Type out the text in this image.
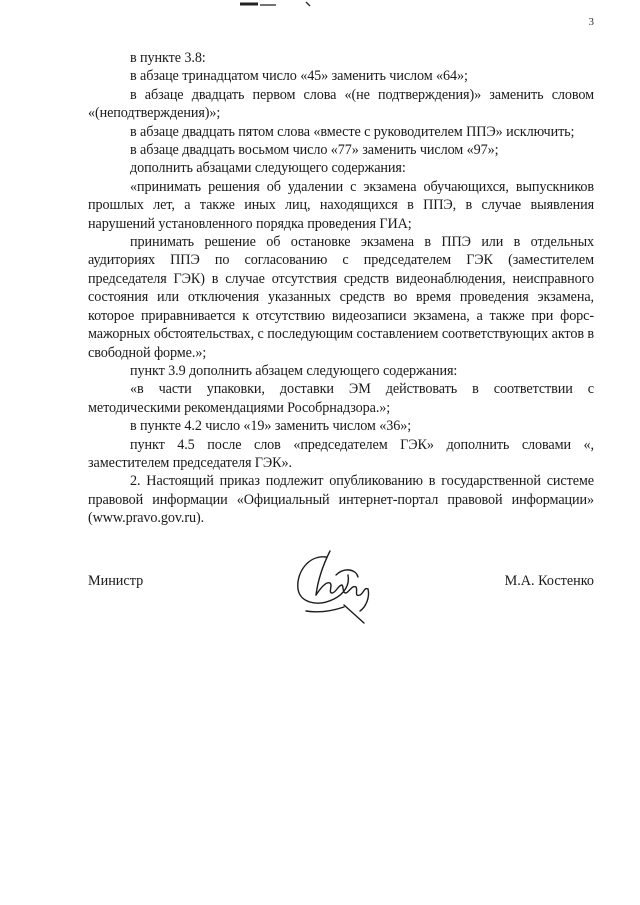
3

в пункте 3.8:

в абзаце тринадцатом число «45» заменить числом «64»;

в абзаце двадцать первом слова «(не подтверждения)» заменить словом «(неподтверждения)»;

в абзаце двадцать пятом слова «вместе с руководителем ППЭ» исключить;

в абзаце двадцать восьмом число «77» заменить числом «97»;

дополнить абзацами следующего содержания:

«принимать решения об удалении с экзамена обучающихся, выпускников прошлых лет, а также иных лиц, находящихся в ППЭ, в случае выявления нарушений установленного порядка проведения ГИА;

принимать решение об остановке экзамена в ППЭ или в отдельных аудиториях ППЭ по согласованию с председателем ГЭК (заместителем председателя ГЭК) в случае отсутствия средств видеонаблюдения, неисправного состояния или отключения указанных средств во время проведения экзамена, которое приравнивается к отсутствию видеозаписи экзамена, а также при форс-мажорных обстоятельствах, с последующим составлением соответствующих актов в свободной форме.»;

пункт 3.9 дополнить абзацем следующего содержания:

«в части упаковки, доставки ЭМ действовать в соответствии с методическими рекомендациями Рособрнадзора.»;

в пункте 4.2 число «19» заменить числом «36»;

пункт 4.5 после слов «председателем ГЭК» дополнить словами «, заместителем председателя ГЭК».

2. Настоящий приказ подлежит опубликованию в государственной системе правовой информации «Официальный интернет-портал правовой информации» (www.pravo.gov.ru).

Министр	М.А. Костенко
